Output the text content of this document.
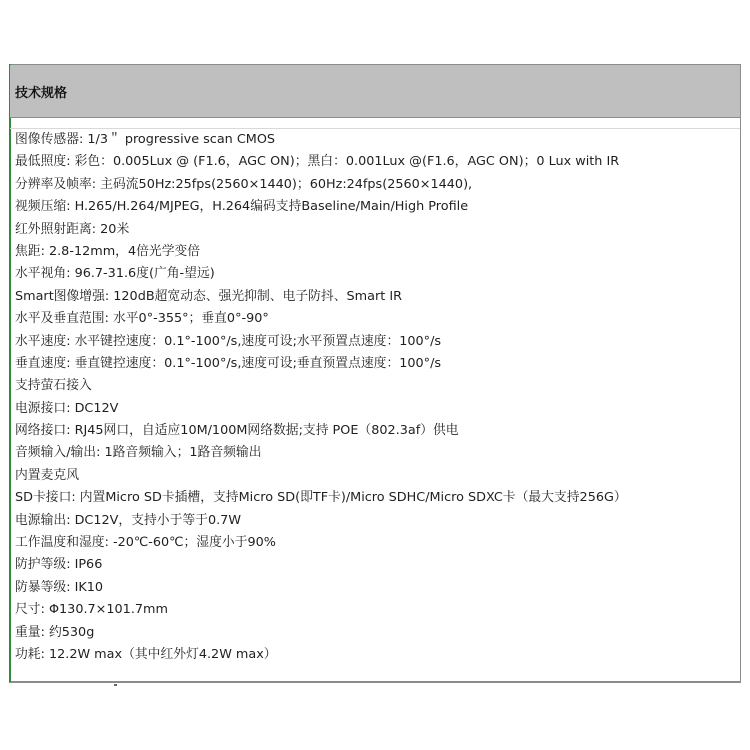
技术规格
图像传感器: 1/3＂ progressive scan CMOS
最低照度: 彩色：0.005Lux @ (F1.6，AGC ON)；黑白：0.001Lux @(F1.6，AGC ON)；0 Lux with IR
分辨率及帧率: 主码流50Hz:25fps(2560×1440)；60Hz:24fps(2560×1440),
视频压缩: H.265/H.264/MJPEG，H.264编码支持Baseline/Main/High Profile
红外照射距离: 20米
焦距: 2.8-12mm，4倍光学变倍
水平视角: 96.7-31.6度(广角-望远)
Smart图像增强: 120dB超宽动态、强光抑制、电子防抖、Smart IR
水平及垂直范围: 水平0°-355°；垂直0°-90°
水平速度: 水平键控速度：0.1°-100°/s,速度可设;水平预置点速度：100°/s
垂直速度: 垂直键控速度：0.1°-100°/s,速度可设;垂直预置点速度：100°/s
支持萤石接入
电源接口: DC12V
网络接口: RJ45网口，自适应10M/100M网络数据;支持 POE（802.3af）供电
音频输入/输出: 1路音频输入；1路音频输出
内置麦克风
SD卡接口: 内置Micro SD卡插槽，支持Micro SD(即TF卡)/Micro SDHC/Micro SDXC卡（最大支持256G）
电源输出: DC12V，支持小于等于0.7W
工作温度和湿度: -20℃-60℃；湿度小于90%
防护等级: IP66
防暴等级: IK10
尺寸: Φ130.7×101.7mm
重量: 约530g
功耗: 12.2W max（其中红外灯4.2W max）
